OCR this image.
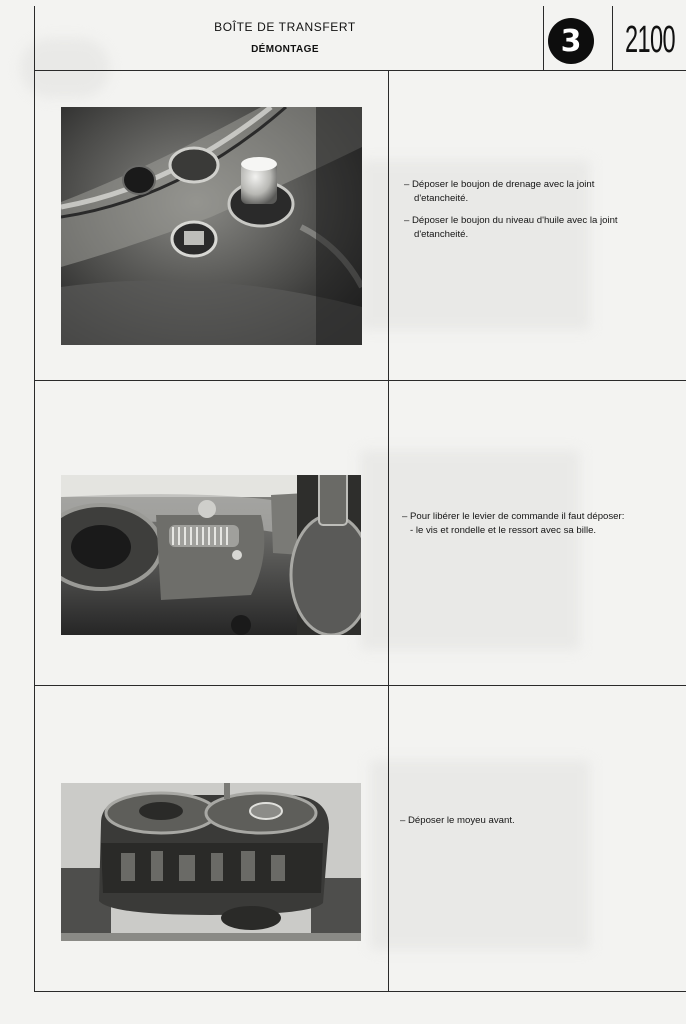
BOÎTE DE TRANSFERT
DÉMONTAGE	3	2100

– Déposer le boujon de drenage avec la joint
d'etancheité.

– Déposer le boujon du niveau d'huile avec la joint
d'etancheité.

– Pour libérer le levier de commande il faut déposer:
- le vis et rondelle et le ressort avec sa bille.

– Déposer le moyeu avant.
